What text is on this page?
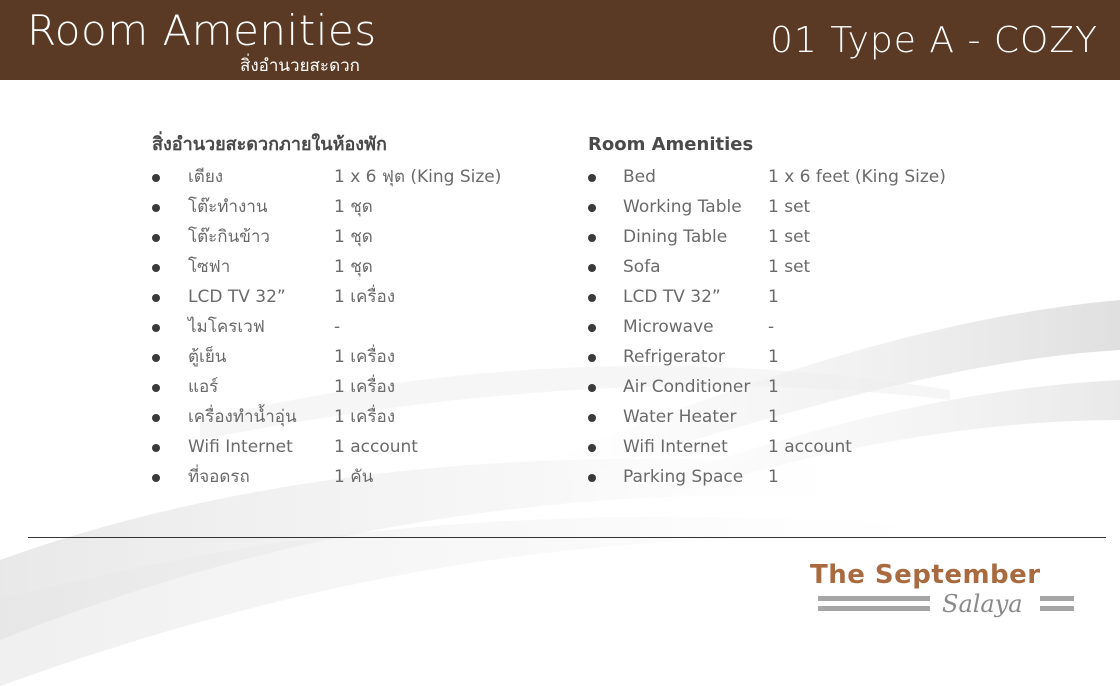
Room Amenities
สิ่งอำนวยสะดวก
01 Type A - COZY
สิ่งอำนวยสะดวกภายในห้องพัก
เตียง	1 x 6 ฟุต (King Size)
โต๊ะทำงาน	1 ชุด
โต๊ะกินข้าว	1 ชุด
โซฟา	1 ชุด
LCD TV 32”	1 เครื่อง
ไมโครเวฟ	-
ตู้เย็น	1 เครื่อง
แอร์	1 เครื่อง
เครื่องทำน้ำอุ่น 1 เครื่อง
Wifi Internet 1 account
ที่จอดรถ	1 คัน
Room Amenities
Bed	1 x 6 feet (King Size)
Working Table 1 set
Dining Table 1 set
Sofa	1 set
LCD TV 32”	1
Microwave	-
Refrigerator	1
Air Conditioner 1
Water Heater 1
Wifi Internet 1 account
Parking Space 1
The September
Salaya
